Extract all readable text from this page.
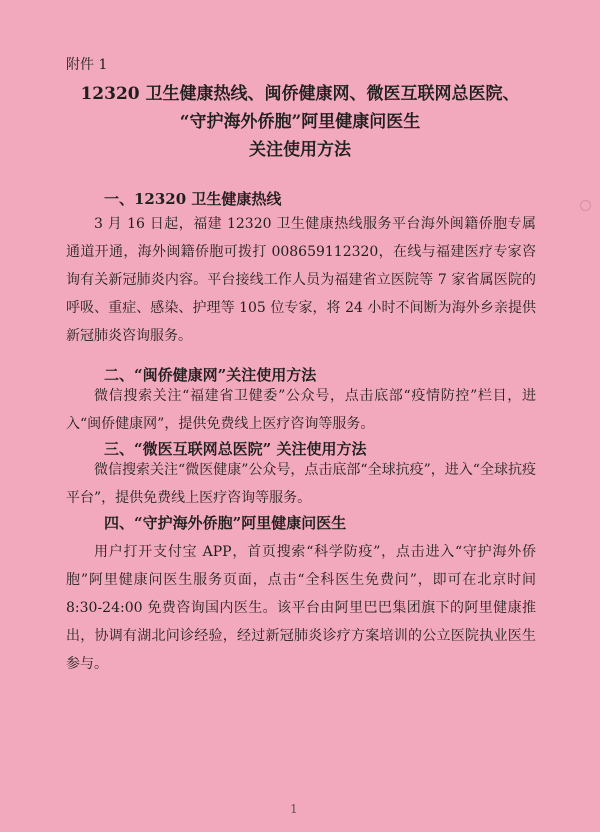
附件 1
12320 卫生健康热线、闽侨健康网、微医互联网总医院、
“守护海外侨胞”阿里健康问医生
关注使用方法
一、12320 卫生健康热线

3 月 16 日起，福建 12320 卫生健康热线服务平台海外闽籍侨胞专属通道开通，海外闽籍侨胞可拨打 008659112320，在线与福建医疗专家咨询有关新冠肺炎内容。平台接线工作人员为福建省立医院等 7 家省属医院的呼吸、重症、感染、护理等 105 位专家，将 24 小时不间断为海外乡亲提供新冠肺炎咨询服务。

二、“闽侨健康网”关注使用方法

微信搜索关注“福建省卫健委”公众号，点击底部“疫情防控”栏目，进入“闽侨健康网”，提供免费线上医疗咨询等服务。

三、“微医互联网总医院” 关注使用方法

微信搜索关注“微医健康”公众号，点击底部“全球抗疫”，进入“全球抗疫平台”，提供免费线上医疗咨询等服务。

四、“守护海外侨胞”阿里健康问医生

用户打开支付宝 APP，首页搜索“科学防疫”，点击进入“守护海外侨胞”阿里健康问医生服务页面，点击“全科医生免费问”，即可在北京时间 8:30-24:00 免费咨询国内医生。该平台由阿里巴巴集团旗下的阿里健康推出，协调有湖北问诊经验，经过新冠肺炎诊疗方案培训的公立医院执业医生参与。

1
